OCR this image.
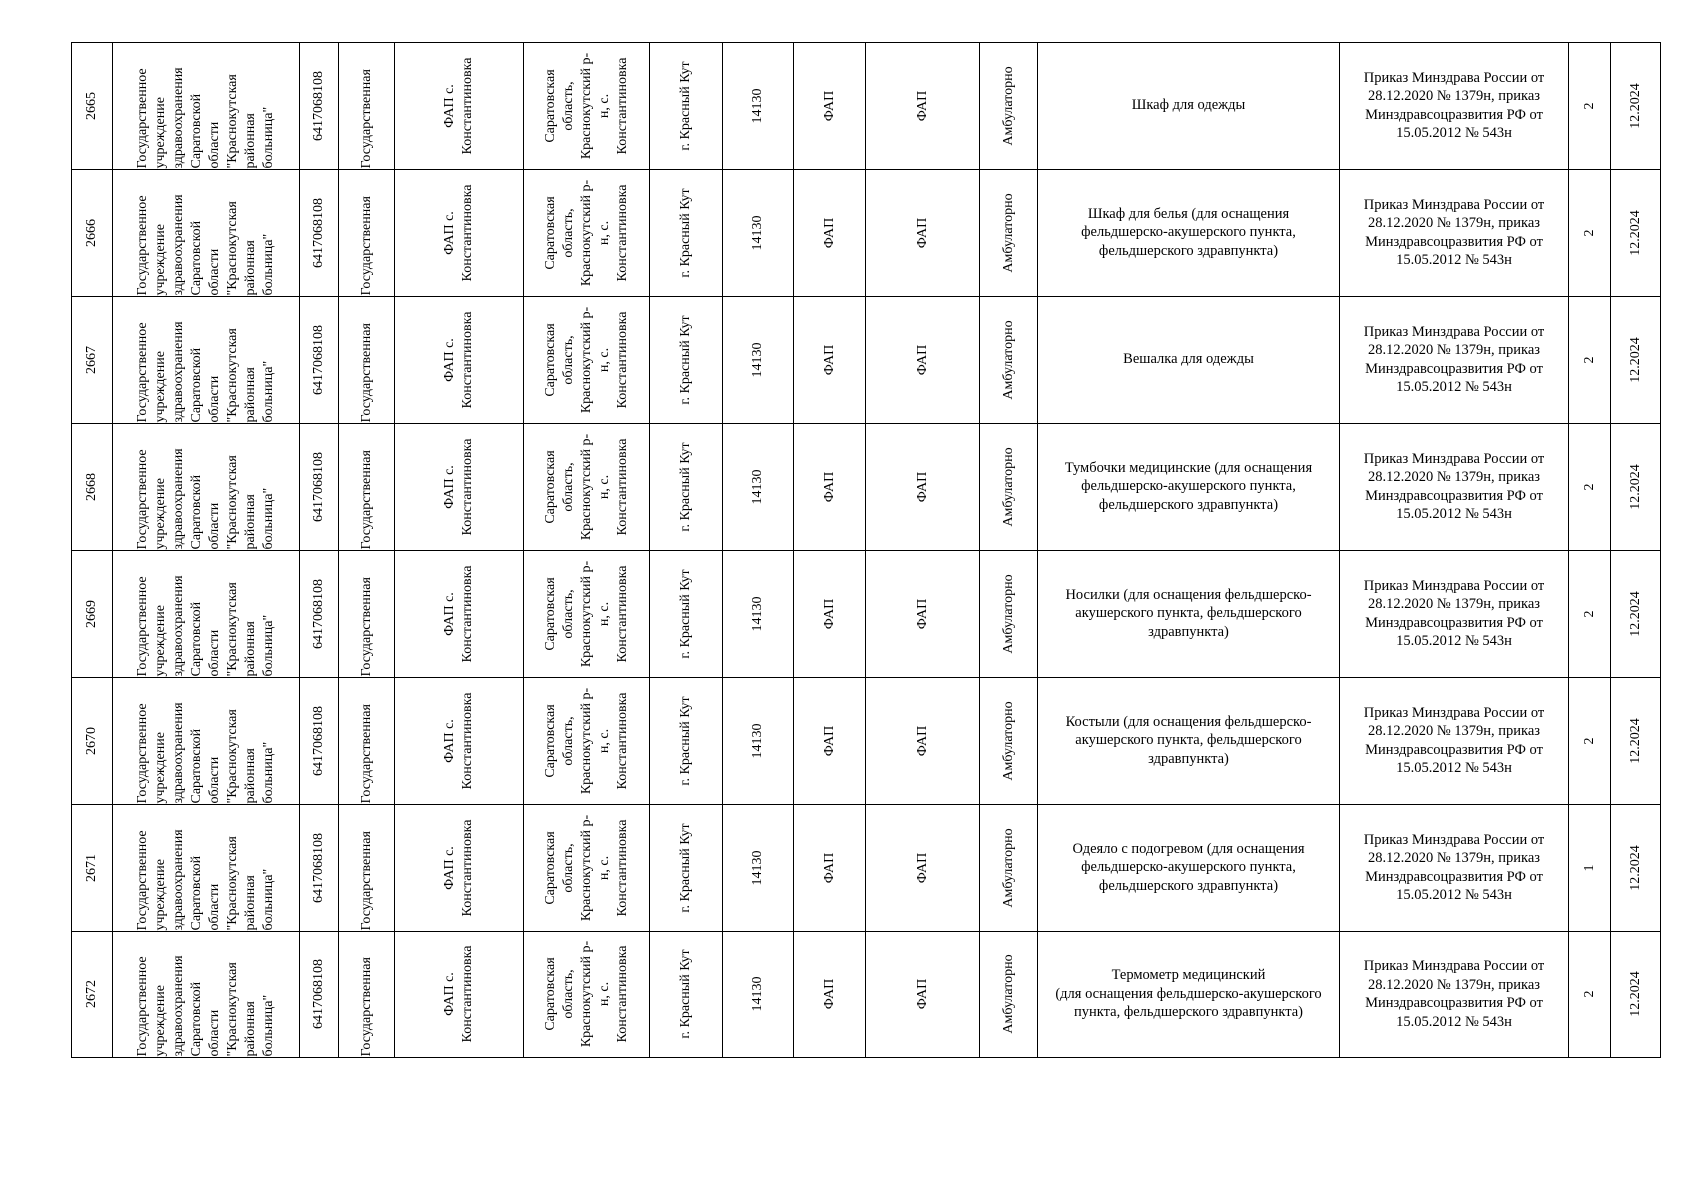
2665	Государственное
учреждение
здравоохранения
Саратовской
области
"Краснокутская
районная
больница"	6417068108 Государственная	ФАП с.
Константиновка	Саратовская
область,
Краснокутский р-
н, с.
Константиновка	г. Красный Кут	14130	ФАП	ФАП	Амбулаторно	Шкаф для одежды
Приказ Минздрава России от 28.12.2020 № 1379н, приказ Минздравсоцразвития РФ от 15.05.2012 № 543н
2 12.2024
2666	Государственное
учреждение
здравоохранения
Саратовской
области
"Краснокутская
районная
больница"	6417068108 Государственная	ФАП с.
Константиновка	Саратовская
область,
Краснокутский р-
н, с.
Константиновка	г. Красный Кут	14130	ФАП	ФАП	Амбулаторно	Шкаф для белья (для оснащения фельдшерско-акушерского пункта, фельдшерского здравпункта)
Приказ Минздрава России от 28.12.2020 № 1379н, приказ Минздравсоцразвития РФ от 15.05.2012 № 543н
2 12.2024
2667	Государственное
учреждение
здравоохранения
Саратовской
области
"Краснокутская
районная
больница"	6417068108 Государственная	ФАП с.
Константиновка	Саратовская
область,
Краснокутский р-
н, с.
Константиновка	г. Красный Кут	14130	ФАП	ФАП	Амбулаторно	Вешалка для одежды
Приказ Минздрава России от 28.12.2020 № 1379н, приказ Минздравсоцразвития РФ от 15.05.2012 № 543н
2 12.2024
2668	Государственное
учреждение
здравоохранения
Саратовской
области
"Краснокутская
районная
больница"	6417068108 Государственная	ФАП с.
Константиновка	Саратовская
область,
Краснокутский р-
н, с.
Константиновка	г. Красный Кут	14130	ФАП	ФАП	Амбулаторно	Тумбочки медицинские (для оснащения фельдшерско-акушерского пункта, фельдшерского здравпункта)
Приказ Минздрава России от 28.12.2020 № 1379н, приказ Минздравсоцразвития РФ от 15.05.2012 № 543н
2 12.2024
2669	Государственное
учреждение
здравоохранения
Саратовской
области
"Краснокутская
районная
больница"	6417068108 Государственная	ФАП с.
Константиновка	Саратовская
область,
Краснокутский р-
н, с.
Константиновка	г. Красный Кут	14130	ФАП	ФАП	Амбулаторно	Носилки (для оснащения фельдшерско-акушерского пункта, фельдшерского здравпункта)
Приказ Минздрава России от 28.12.2020 № 1379н, приказ Минздравсоцразвития РФ от 15.05.2012 № 543н
2 12.2024
2670	Государственное
учреждение
здравоохранения
Саратовской
области
"Краснокутская
районная
больница"	6417068108 Государственная	ФАП с.
Константиновка	Саратовская
область,
Краснокутский р-
н, с.
Константиновка	г. Красный Кут	14130	ФАП	ФАП	Амбулаторно	Костыли (для оснащения фельдшерско-акушерского пункта, фельдшерского здравпункта)
Приказ Минздрава России от 28.12.2020 № 1379н, приказ Минздравсоцразвития РФ от 15.05.2012 № 543н
2 12.2024
2671	Государственное
учреждение
здравоохранения
Саратовской
области
"Краснокутская
районная
больница"	6417068108 Государственная	ФАП с.
Константиновка	Саратовская
область,
Краснокутский р-
н, с.
Константиновка	г. Красный Кут	14130	ФАП	ФАП	Амбулаторно	Одеяло с подогревом (для оснащения фельдшерско-акушерского пункта, фельдшерского здравпункта)
Приказ Минздрава России от 28.12.2020 № 1379н, приказ Минздравсоцразвития РФ от 15.05.2012 № 543н
1 12.2024
2672	Государственное
учреждение
здравоохранения
Саратовской
области
"Краснокутская
районная
больница"	6417068108 Государственная	ФАП с.
Константиновка	Саратовская
область,
Краснокутский р-
н, с.
Константиновка	г. Красный Кут	14130	ФАП	ФАП	Амбулаторно	Термометр медицинский
(для оснащения фельдшерско-акушерского пункта, фельдшерского здравпункта)
Приказ Минздрава России от 28.12.2020 № 1379н, приказ Минздравсоцразвития РФ от 15.05.2012 № 543н
2 12.2024
